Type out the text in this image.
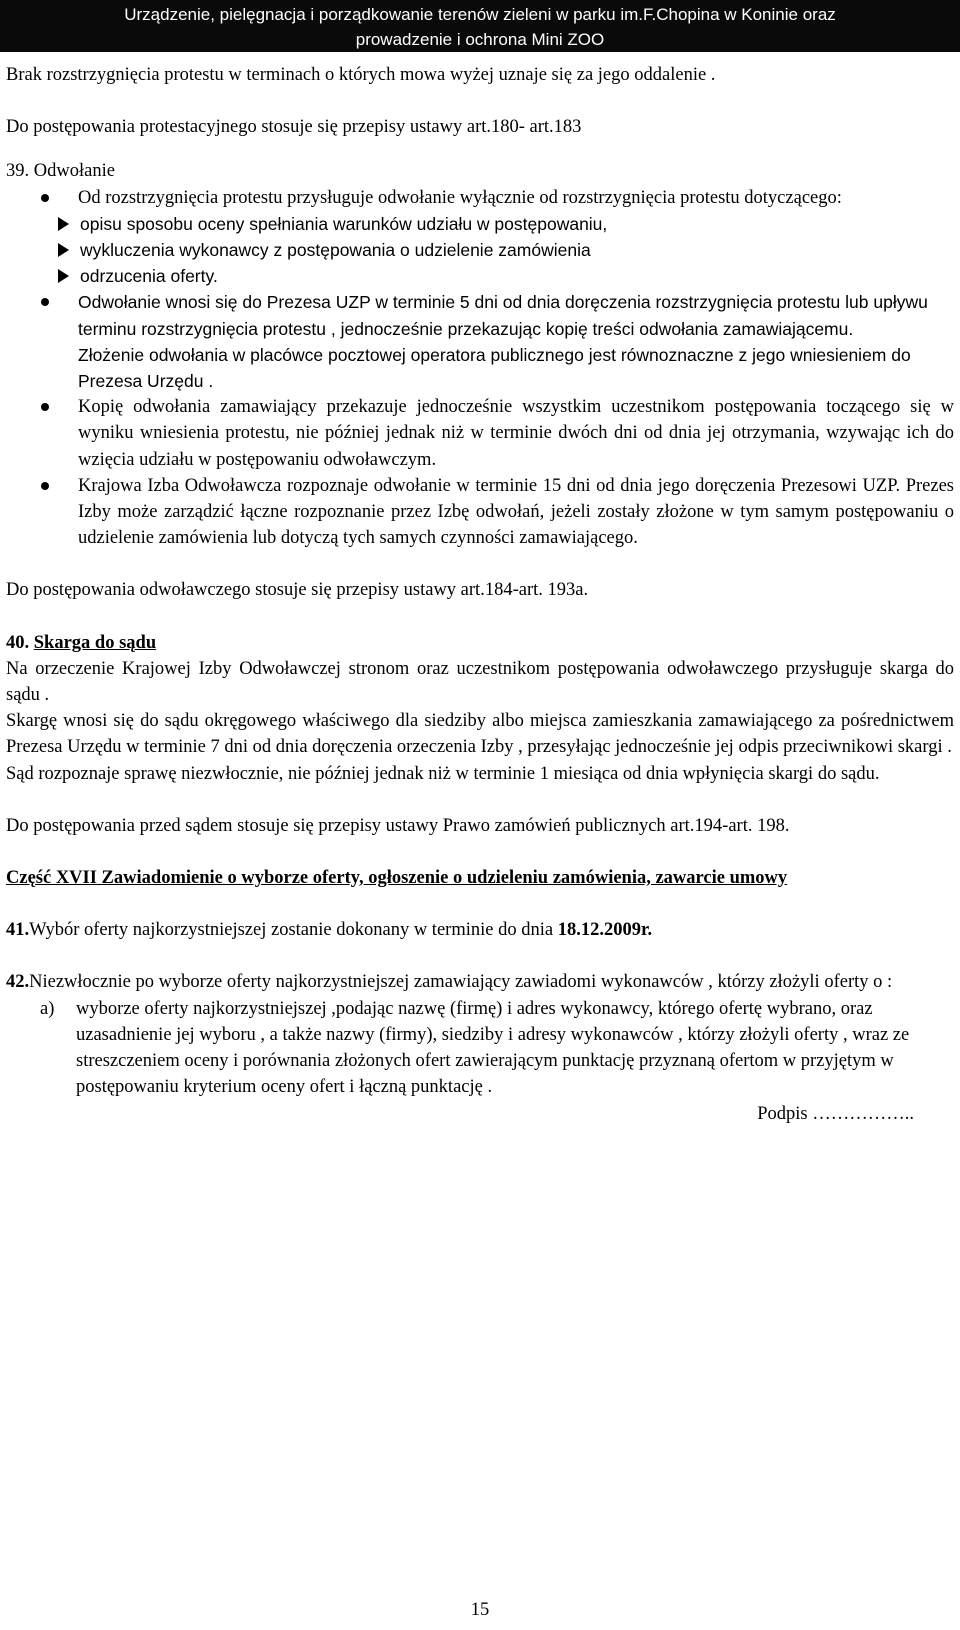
Urządzenie, pielęgnacja i porządkowanie terenów zieleni w parku im.F.Chopina w Koninie oraz
prowadzenie i ochrona Mini ZOO

Brak rozstrzygnięcia protestu w terminach o których mowa wyżej uznaje się za jego oddalenie .

Do postępowania protestacyjnego stosuje się przepisy ustawy art.180- art.183

39. Odwołanie

Od rozstrzygnięcia protestu przysługuje odwołanie wyłącznie od rozstrzygnięcia protestu dotyczącego:
opisu sposobu oceny spełniania warunków udziału w postępowaniu,
wykluczenia wykonawcy z postępowania o udzielenie zamówienia
odrzucenia oferty.

Odwołanie wnosi się do Prezesa UZP w terminie 5 dni od dnia doręczenia rozstrzygnięcia protestu lub upływu terminu rozstrzygnięcia protestu , jednocześnie przekazując kopię treści odwołania zamawiającemu.

Złożenie odwołania w placówce pocztowej operatora publicznego jest równoznaczne z jego wniesieniem do Prezesa Urzędu .

Kopię odwołania zamawiający przekazuje jednocześnie wszystkim uczestnikom postępowania toczącego się w wyniku wniesienia protestu, nie później jednak niż w terminie dwóch dni od dnia jej otrzymania, wzywając ich do wzięcia udziału w postępowaniu odwoławczym.
Krajowa Izba Odwoławcza rozpoznaje odwołanie w terminie 15 dni od dnia jego doręczenia Prezesowi UZP. Prezes Izby może zarządzić łączne rozpoznanie przez Izbę odwołań, jeżeli zostały złożone w tym samym postępowaniu o udzielenie zamówienia lub dotyczą tych samych czynności zamawiającego.

Do postępowania odwoławczego stosuje się przepisy ustawy art.184-art. 193a.

40. Skarga do sądu

Na orzeczenie Krajowej Izby Odwoławczej stronom oraz uczestnikom postępowania odwoławczego przysługuje skarga do sądu .

Skargę wnosi się do sądu okręgowego właściwego dla siedziby albo miejsca zamieszkania zamawiającego za pośrednictwem Prezesa Urzędu w terminie 7 dni od dnia doręczenia orzeczenia Izby , przesyłając jednocześnie jej odpis przeciwnikowi skargi .

Sąd rozpoznaje sprawę niezwłocznie, nie później jednak niż w terminie 1 miesiąca od dnia wpłynięcia skargi do sądu.

Do postępowania przed sądem stosuje się przepisy ustawy Prawo zamówień publicznych art.194-art. 198.

Część XVII Zawiadomienie o wyborze oferty, ogłoszenie o udzieleniu zamówienia, zawarcie umowy

41.Wybór oferty najkorzystniejszej zostanie dokonany w terminie do dnia 18.12.2009r.

42.Niezwłocznie po wyborze oferty najkorzystniejszej zamawiający zawiadomi wykonawców , którzy złożyli oferty o :

a) wyborze oferty najkorzystniejszej ,podając nazwę (firmę) i adres wykonawcy, którego ofertę wybrano, oraz uzasadnienie jej wyboru , a także nazwy (firmy), siedziby i adresy wykonawców , którzy złożyli oferty , wraz ze streszczeniem oceny i porównania złożonych ofert zawierającym punktację przyznaną ofertom w przyjętym w postępowaniu kryterium oceny ofert i łączną punktację .

Podpis ……………..

15
